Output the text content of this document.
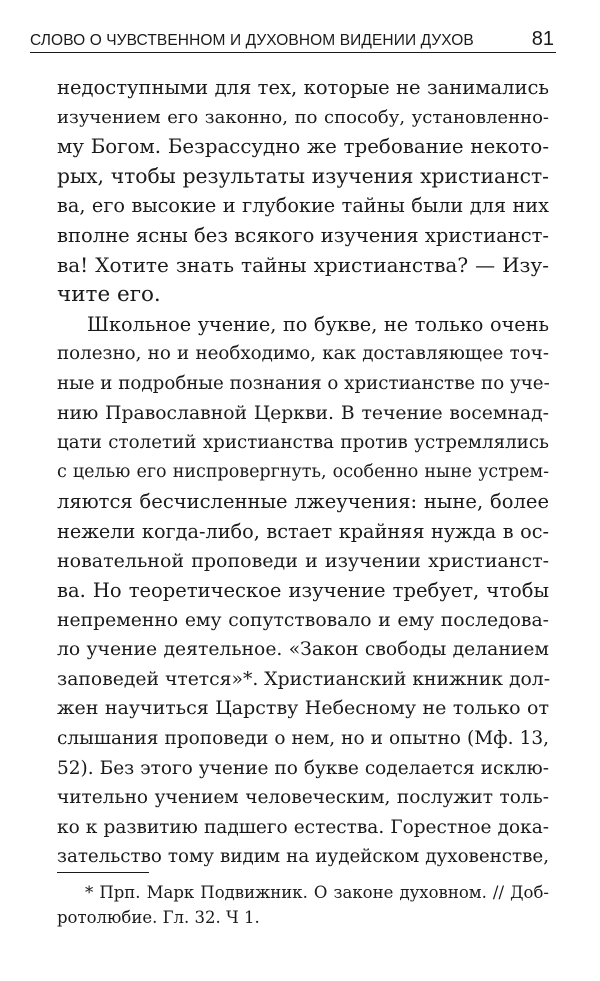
СЛОВО О ЧУВСТВЕННОМ И ДУХОВНОМ ВИДЕНИИ ДУХОВ	81
недоступными для тех, которые не занимались
изучением его законно, по способу, установленно-
му Богом. Безрассудно же требование некото-
рых, чтобы результаты изучения христианст-
ва, его высокие и глубокие тайны были для них
вполне ясны без всякого изучения христианст-
ва! Хотите знать тайны христианства? — Изу-
чите его.
Школьное учение, по букве, не только очень
полезно, но и необходимо, как доставляющее точ-
ные и подробные познания о христианстве по уче-
нию Православной Церкви. В течение восемнад-
цати столетий христианства против устремлялись
с целью его ниспровергнуть, особенно ныне устрем-
ляются бесчисленные лжеучения: ныне, более
нежели когда-либо, встает крайняя нужда в ос-
новательной проповеди и изучении христианст-
ва. Но теоретическое изучение требует, чтобы
непременно ему сопутствовало и ему последова-
ло учение деятельное. «Закон свободы деланием
заповедей чтется»*. Христианский книжник дол-
жен научиться Царству Небесному не только от
слышания проповеди о нем, но и опытно (Мф. 13,
52). Без этого учение по букве соделается исклю-
чительно учением человеческим, послужит толь-
ко к развитию падшего естества. Горестное дока-
зательство тому видим на иудейском духовенстве,
* Прп. Марк Подвижник. О законе духовном. // Доб-
ротолюбие. Гл. 32. Ч 1.
